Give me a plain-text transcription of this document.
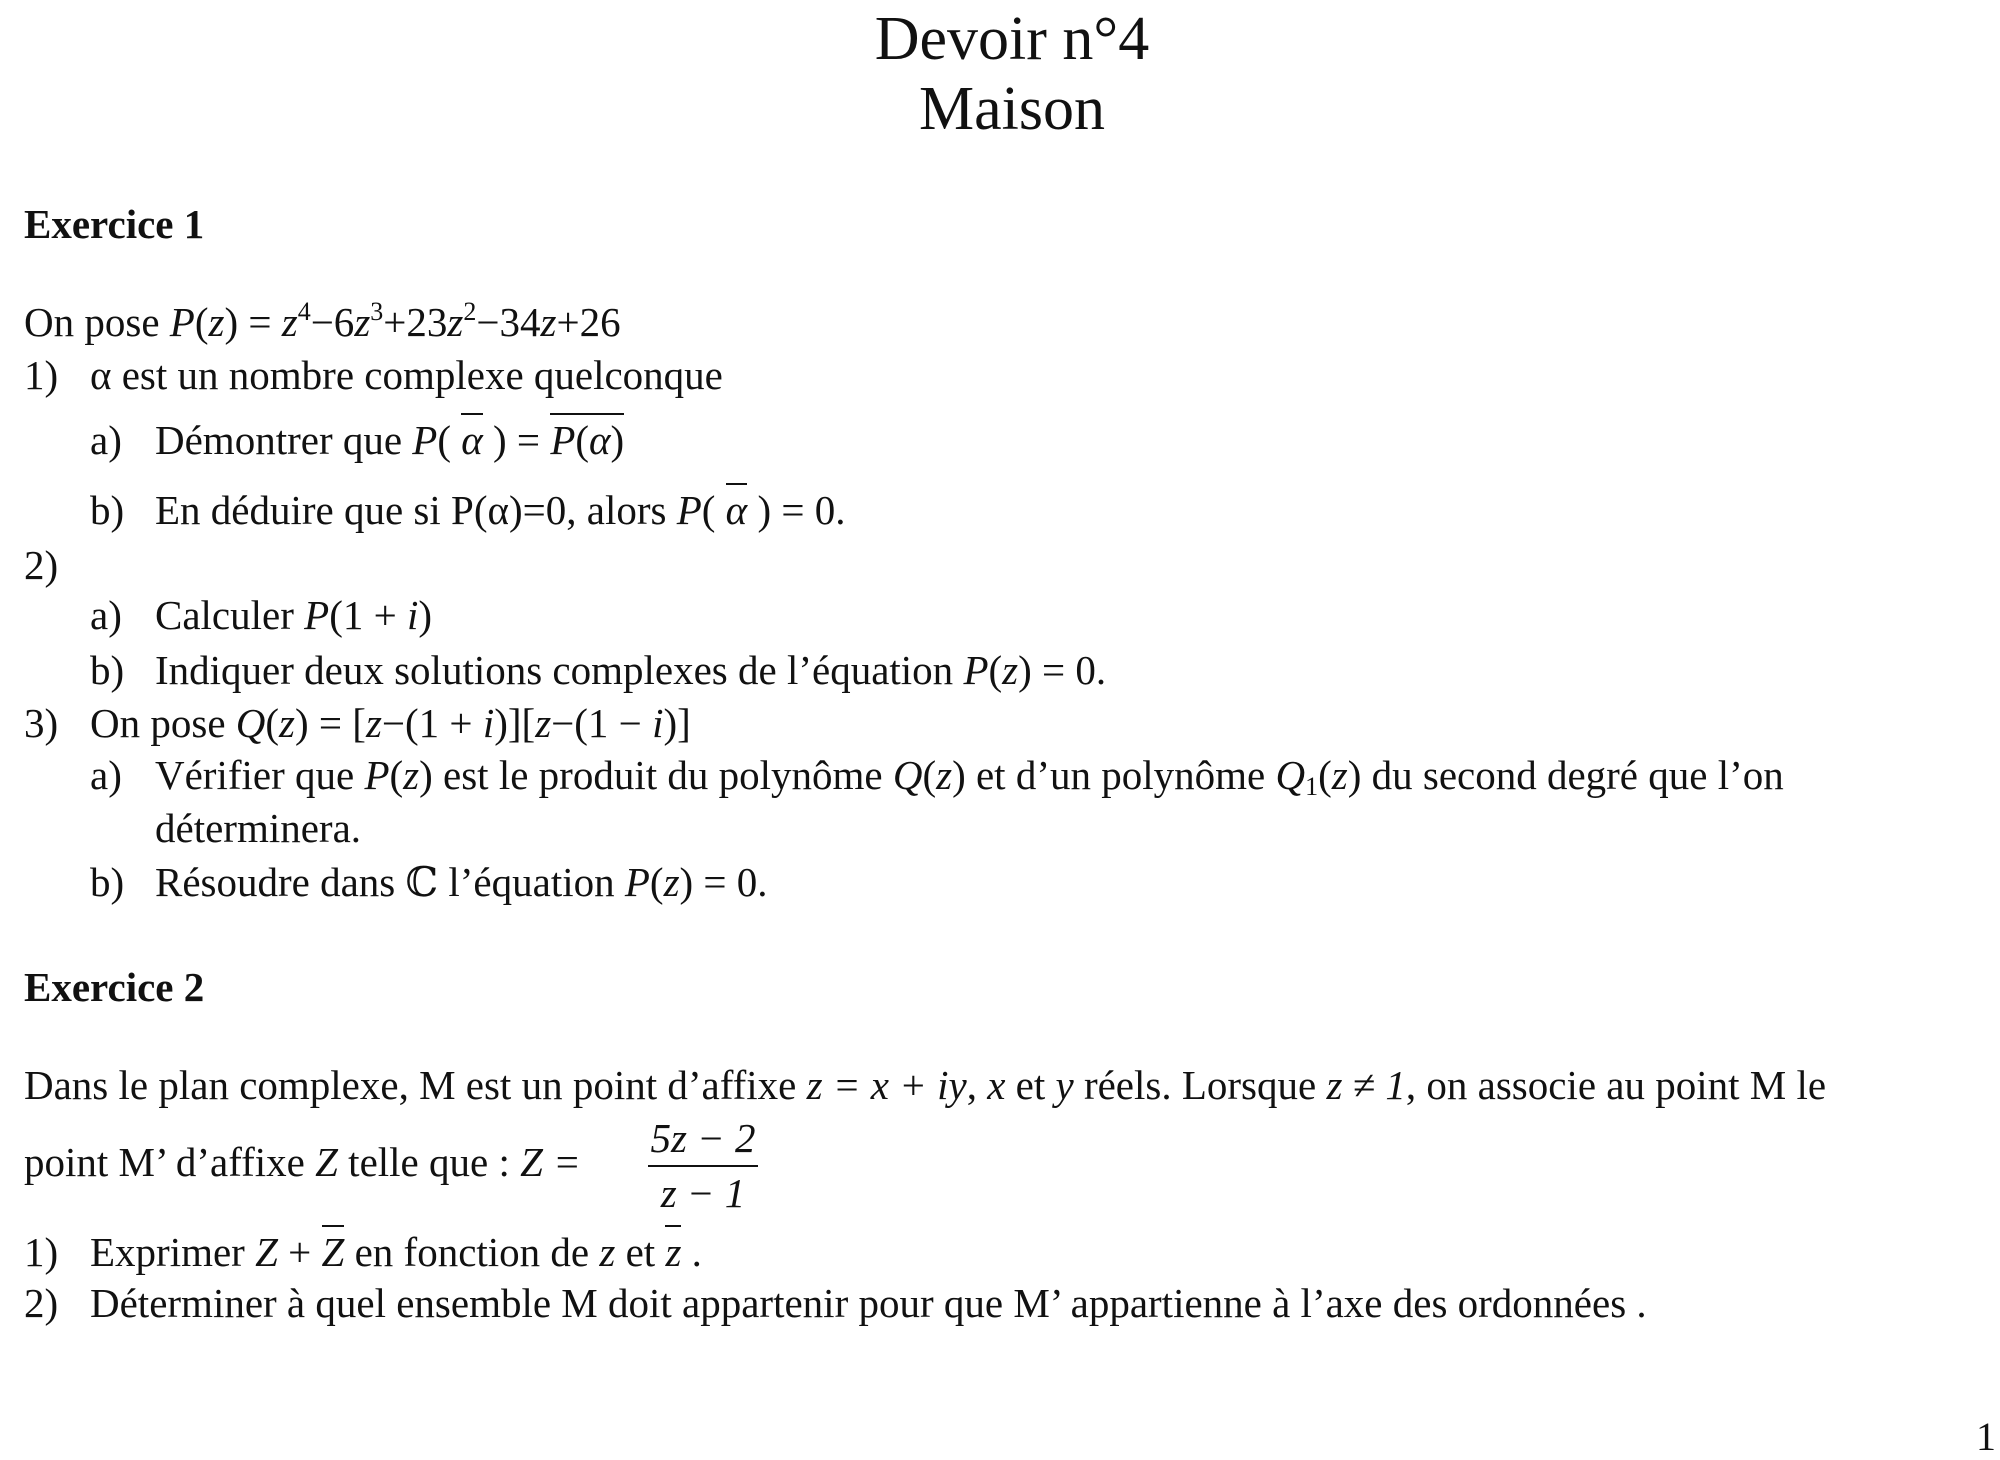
Devoir n°4
Maison
Exercice 1
On pose $P(z) = z^4-6z^3+23z^2-34z+26$
1) α est un nombre complexe quelconque
a) Démontrer que P( α ) = P(α)
b) En déduire que si P(α)=0, alors P( α ) = 0.
2)
a) Calculer P(1 + i)
b) Indiquer deux solutions complexes de l’équation P(z) = 0.
3) On pose Q(z) = [z−(1 + i)][z−(1 − i)]
a) Vérifier que P(z) est le produit du polynôme Q(z) et d’un polynôme $Q_1(z)$ du second degré que l’on
déterminera.
b) Résoudre dans ℂ l’équation P(z) = 0.
Exercice 2
Dans le plan complexe, M est un point d’affixe z = x + iy, x et y réels. Lorsque z ≠ 1, on associe au point M le
point M’ d’affixe Z telle que : Z =
5z − 2
z − 1
1) Exprimer Z + Z en fonction de z et z .
2) Déterminer à quel ensemble M doit appartenir pour que M’ appartienne à l’axe des ordonnées .
1
